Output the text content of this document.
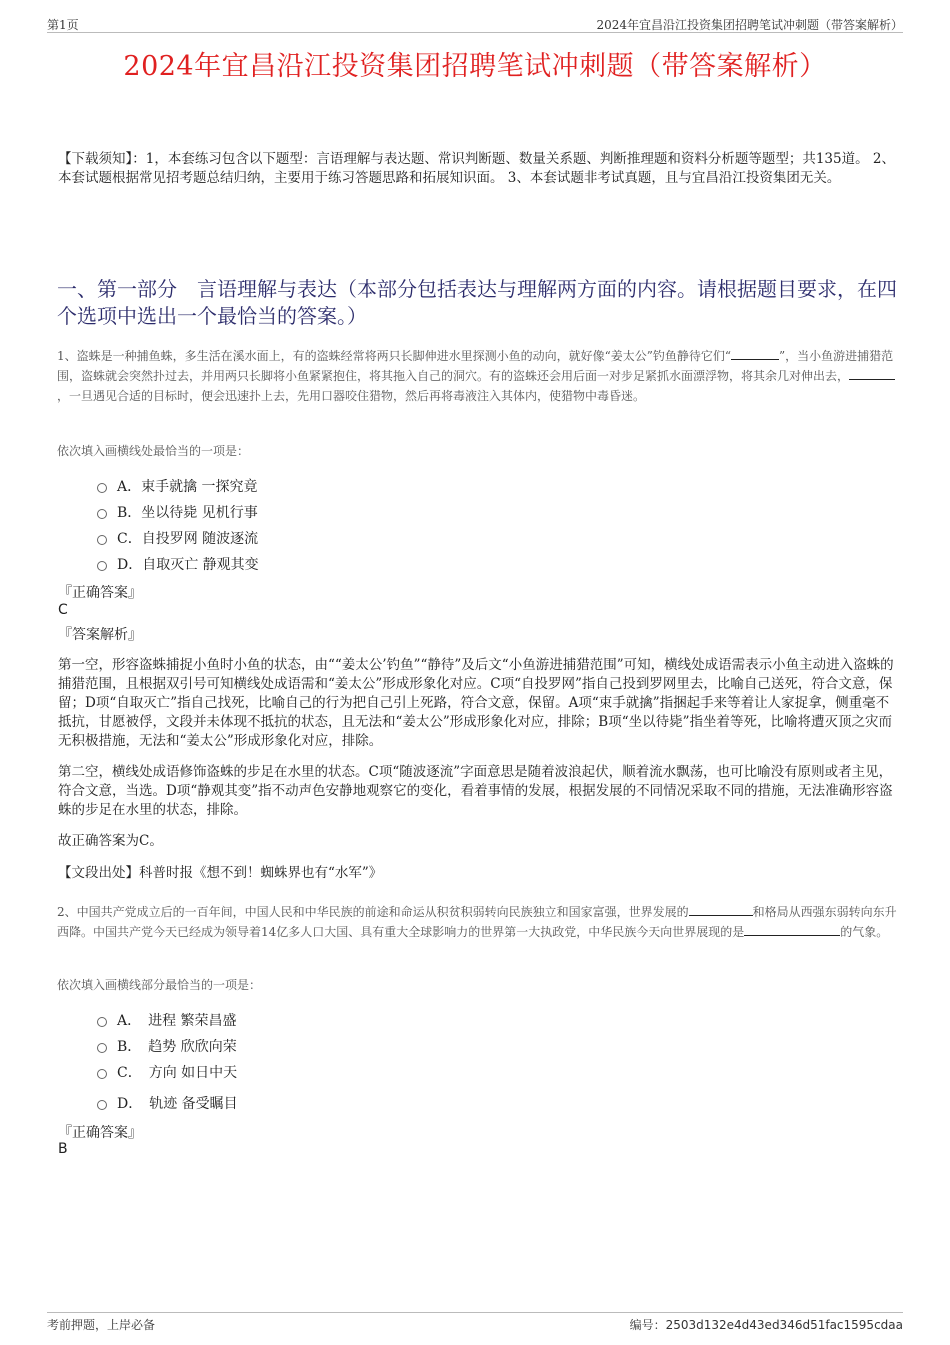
第1页	2024年宜昌沿江投资集团招聘笔试冲刺题（带答案解析）
2024年宜昌沿江投资集团招聘笔试冲刺题（带答案解析）
【下载须知】：1，本套练习包含以下题型：言语理解与表达题、常识判断题、数量关系题、判断推理题和资料分析题等题型；共135道。 2、本套试题根据常见招考题总结归纳，主要用于练习答题思路和拓展知识面。 3、本套试题非考试真题，且与宜昌沿江投资集团无关。
一、第一部分　言语理解与表达（本部分包括表达与理解两方面的内容。请根据题目要求，在四个选项中选出一个最恰当的答案。）
1、盗蛛是一种捕鱼蛛，多生活在溪水面上，有的盗蛛经常将两只长脚伸进水里探测小鱼的动向，就好像“姜太公”钓鱼静待它们“	”，当小鱼游进捕猎范围，盗蛛就会突然扑过去，并用两只长脚将小鱼紧紧抱住，将其拖入自己的洞穴。有的盗蛛还会用后面一对步足紧抓水面漂浮物，将其余几对伸出去，，一旦遇见合适的目标时，便会迅速扑上去，先用口器咬住猎物，然后再将毒液注入其体内，使猎物中毒昏迷。
依次填入画横线处最恰当的一项是：
A．束手就擒 一探究竟
B．坐以待毙 见机行事
C．自投罗网 随波逐流
D．自取灭亡 静观其变
『正确答案』
C
『答案解析』
第一空，形容盗蛛捕捉小鱼时小鱼的状态，由““姜太公’钓鱼”“静待”及后文“小鱼游进捕猎范围”可知，横线处成语需表示小鱼主动进入盗蛛的捕猎范围，且根据双引号可知横线处成语需和“姜太公”形成形象化对应。C项“自投罗网”指自己投到罗网里去，比喻自己送死，符合文意，保留；D项“自取灭亡”指自己找死，比喻自己的行为把自己引上死路，符合文意，保留。A项“束手就擒”指捆起手来等着让人家捉拿，侧重毫不抵抗，甘愿被俘，文段并未体现不抵抗的状态，且无法和“姜太公”形成形象化对应，排除；B项“坐以待毙”指坐着等死，比喻将遭灭顶之灾而无积极措施，无法和“姜太公”形成形象化对应，排除。
第二空，横线处成语修饰盗蛛的步足在水里的状态。C项“随波逐流”字面意思是随着波浪起伏，顺着流水飘荡，也可比喻没有原则或者主见，符合文意，当选。D项“静观其变”指不动声色安静地观察它的变化，看着事情的发展，根据发展的不同情况采取不同的措施，无法准确形容盗蛛的步足在水里的状态，排除。
故正确答案为C。
【文段出处】科普时报《想不到！蜘蛛界也有“水军”》
2、中国共产党成立后的一百年间，中国人民和中华民族的前途和命运从积贫积弱转向民族独立和国家富强，世界发展的	和格局从西强东弱转向东升西降。中国共产党今天已经成为领导着14亿多人口大国、具有重大全球影响力的世界第一大执政党，中华民族今天向世界展现的是	的气象。
依次填入画横线部分最恰当的一项是：
A．　进程 繁荣昌盛
B．　趋势 欣欣向荣
C．　方向 如日中天
D．　轨迹 备受瞩目
『正确答案』
B
考前押题，上岸必备	编号：2503d132e4d43ed346d51fac1595cdaa
